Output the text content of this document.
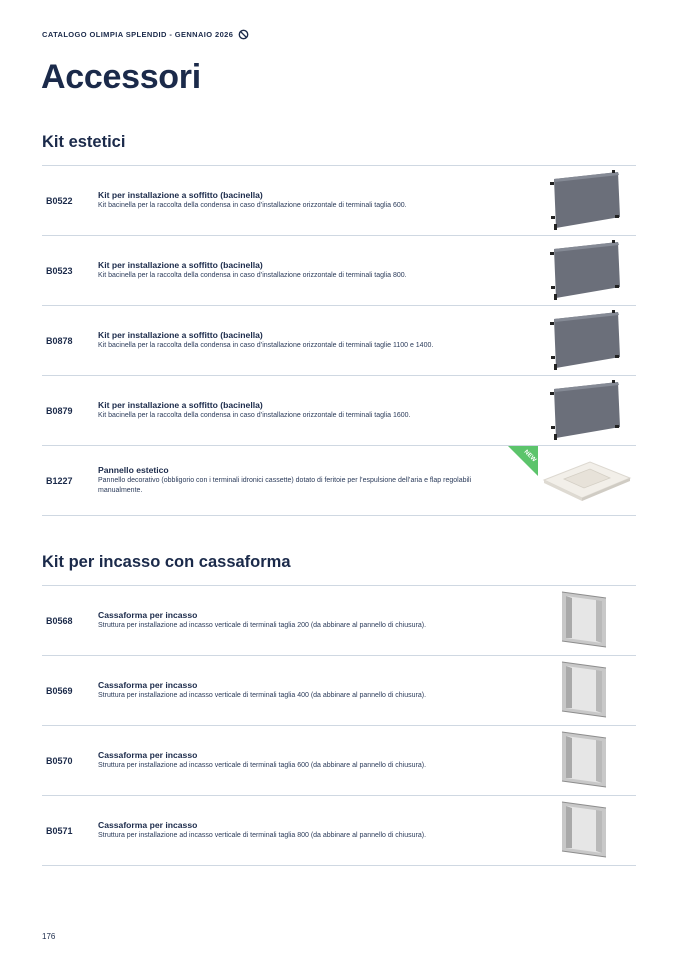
CATALOGO OLIMPIA SPLENDID - GENNAIO 2026
Accessori
Kit estetici
B0522
Kit per installazione a soffitto (bacinella)
Kit bacinella per la raccolta della condensa in caso d’installazione orizzontale di terminali taglia 600.
B0523
Kit per installazione a soffitto (bacinella)
Kit bacinella per la raccolta della condensa in caso d’installazione orizzontale di terminali taglia 800.
B0878
Kit per installazione a soffitto (bacinella)
Kit bacinella per la raccolta della condensa in caso d’installazione orizzontale di terminali taglie 1100 e 1400.
B0879
Kit per installazione a soffitto (bacinella)
Kit bacinella per la raccolta della condensa in caso d’installazione orizzontale di terminali taglia 1600.
B1227
Pannello estetico
Pannello decorativo (obbligorio con i terminali idronici cassette) dotato di feritoie per l’espulsione dell’aria e flap regolabili manualmente.
NEW
Kit per incasso con cassaforma
B0568
Cassaforma per incasso
Struttura per installazione ad incasso verticale di terminali taglia 200 (da abbinare al pannello di chiusura).
B0569
Cassaforma per incasso
Struttura per installazione ad incasso verticale di terminali taglia 400 (da abbinare al pannello di chiusura).
B0570
Cassaforma per incasso
Struttura per installazione ad incasso verticale di terminali taglia 600 (da abbinare al pannello di chiusura).
B0571
Cassaforma per incasso
Struttura per installazione ad incasso verticale di terminali taglia 800 (da abbinare al pannello di chiusura).
176
